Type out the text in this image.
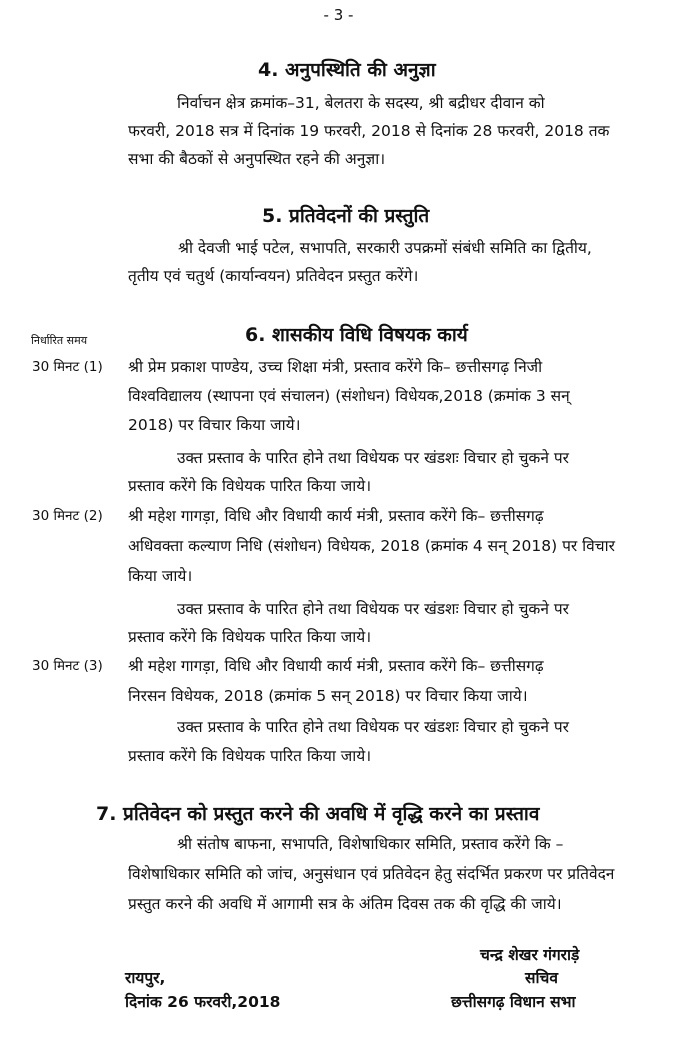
- 3 -
4. अनुपस्थिति की अनुज्ञा
निर्वाचन क्षेत्र क्रमांक–31, बेलतरा के सदस्य, श्री बद्रीधर दीवान को
फरवरी, 2018 सत्र में दिनांक 19 फरवरी, 2018 से दिनांक 28 फरवरी, 2018 तक
सभा की बैठकों से अनुपस्थित रहने की अनुज्ञा।
5. प्रतिवेदनों की प्रस्तुति
श्री देवजी भाई पटेल, सभापति, सरकारी उपक्रमों संबंधी समिति का द्वितीय,
तृतीय एवं चतुर्थ (कार्यान्वयन) प्रतिवेदन प्रस्तुत करेंगे।
निर्धारित समय	6. शासकीय विधि विषयक कार्य
30 मिनट (1) श्री प्रेम प्रकाश पाण्डेय, उच्च शिक्षा मंत्री, प्रस्ताव करेंगे कि– छत्तीसगढ़ निजी
विश्वविद्यालय (स्थापना एवं संचालन) (संशोधन) विधेयक,2018 (क्रमांक 3 सन्
2018) पर विचार किया जाये।
उक्त प्रस्ताव के पारित होने तथा विधेयक पर खंडशः विचार हो चुकने पर
प्रस्ताव करेंगे कि विधेयक पारित किया जाये।
30 मिनट (2) श्री महेश गागड़ा, विधि और विधायी कार्य मंत्री, प्रस्ताव करेंगे कि– छत्तीसगढ़
अधिवक्ता कल्याण निधि (संशोधन) विधेयक, 2018 (क्रमांक 4 सन् 2018) पर विचार
किया जाये।
उक्त प्रस्ताव के पारित होने तथा विधेयक पर खंडशः विचार हो चुकने पर
प्रस्ताव करेंगे कि विधेयक पारित किया जाये।
30 मिनट (3) श्री महेश गागड़ा, विधि और विधायी कार्य मंत्री, प्रस्ताव करेंगे कि– छत्तीसगढ़
निरसन विधेयक, 2018 (क्रमांक 5 सन् 2018) पर विचार किया जाये।
उक्त प्रस्ताव के पारित होने तथा विधेयक पर खंडशः विचार हो चुकने पर
प्रस्ताव करेंगे कि विधेयक पारित किया जाये।
7. प्रतिवेदन को प्रस्तुत करने की अवधि में वृद्धि करने का प्रस्ताव
श्री संतोष बाफना, सभापति, विशेषाधिकार समिति, प्रस्ताव करेंगे कि –
विशेषाधिकार समिति को जांच, अनुसंधान एवं प्रतिवेदन हेतु संदर्भित प्रकरण पर प्रतिवेदन
प्रस्तुत करने की अवधि में आगामी सत्र के अंतिम दिवस तक की वृद्धि की जाये।
चन्द्र शेखर गंगराड़े
रायपुर,	सचिव
दिनांक 26 फरवरी,2018	छत्तीसगढ़ विधान सभा
